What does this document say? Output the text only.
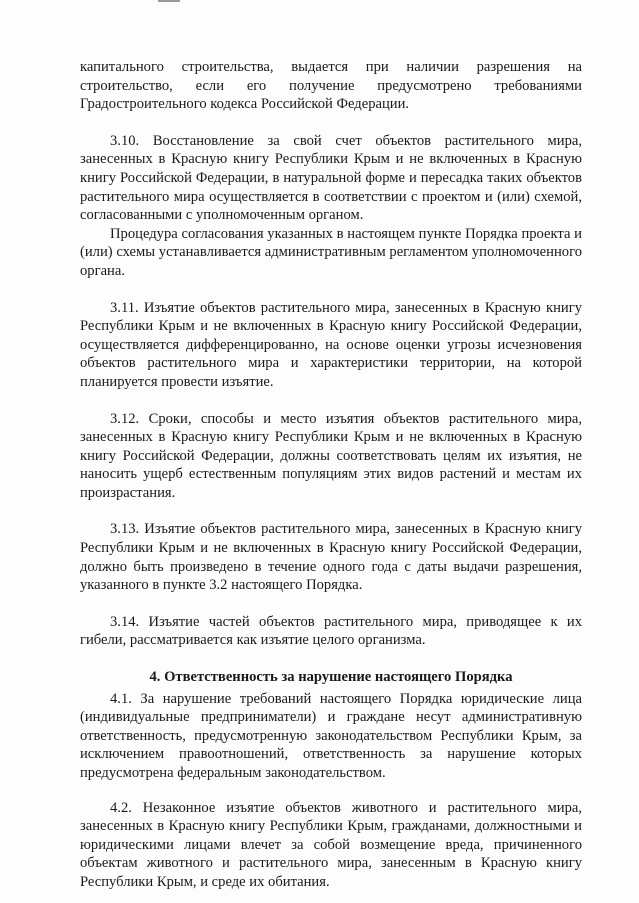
капитального строительства, выдается при наличии разрешения на строительство, если его получение предусмотрено требованиями Градостроительного кодекса Российской Федерации.

3.10. Восстановление за свой счет объектов растительного мира, занесенных в Красную книгу Республики Крым и не включенных в Красную книгу Российской Федерации, в натуральной форме и пересадка таких объектов растительного мира осуществляется в соответствии с проектом и (или) схемой, согласованными с уполномоченным органом.

Процедура согласования указанных в настоящем пункте Порядка проекта и (или) схемы устанавливается административным регламентом уполномоченного органа.

3.11. Изъятие объектов растительного мира, занесенных в Красную книгу Республики Крым и не включенных в Красную книгу Российской Федерации, осуществляется дифференцированно, на основе оценки угрозы исчезновения объектов растительного мира и характеристики территории, на которой планируется провести изъятие.

3.12. Сроки, способы и место изъятия объектов растительного мира, занесенных в Красную книгу Республики Крым и не включенных в Красную книгу Российской Федерации, должны соответствовать целям их изъятия, не наносить ущерб естественным популяциям этих видов растений и местам их произрастания.

3.13. Изъятие объектов растительного мира, занесенных в Красную книгу Республики Крым и не включенных в Красную книгу Российской Федерации, должно быть произведено в течение одного года с даты выдачи разрешения, указанного в пункте 3.2 настоящего Порядка.

3.14. Изъятие частей объектов растительного мира, приводящее к их гибели, рассматривается как изъятие целого организма.

4. Ответственность за нарушение настоящего Порядка

4.1. За нарушение требований настоящего Порядка юридические лица (индивидуальные предприниматели) и граждане несут административную ответственность, предусмотренную законодательством Республики Крым, за исключением правоотношений, ответственность за нарушение которых предусмотрена федеральным законодательством.

4.2. Незаконное изъятие объектов животного и растительного мира, занесенных в Красную книгу Республики Крым, гражданами, должностными и юридическими лицами влечет за собой возмещение вреда, причиненного объектам животного и растительного мира, занесенным в Красную книгу Республики Крым, и среде их обитания.
